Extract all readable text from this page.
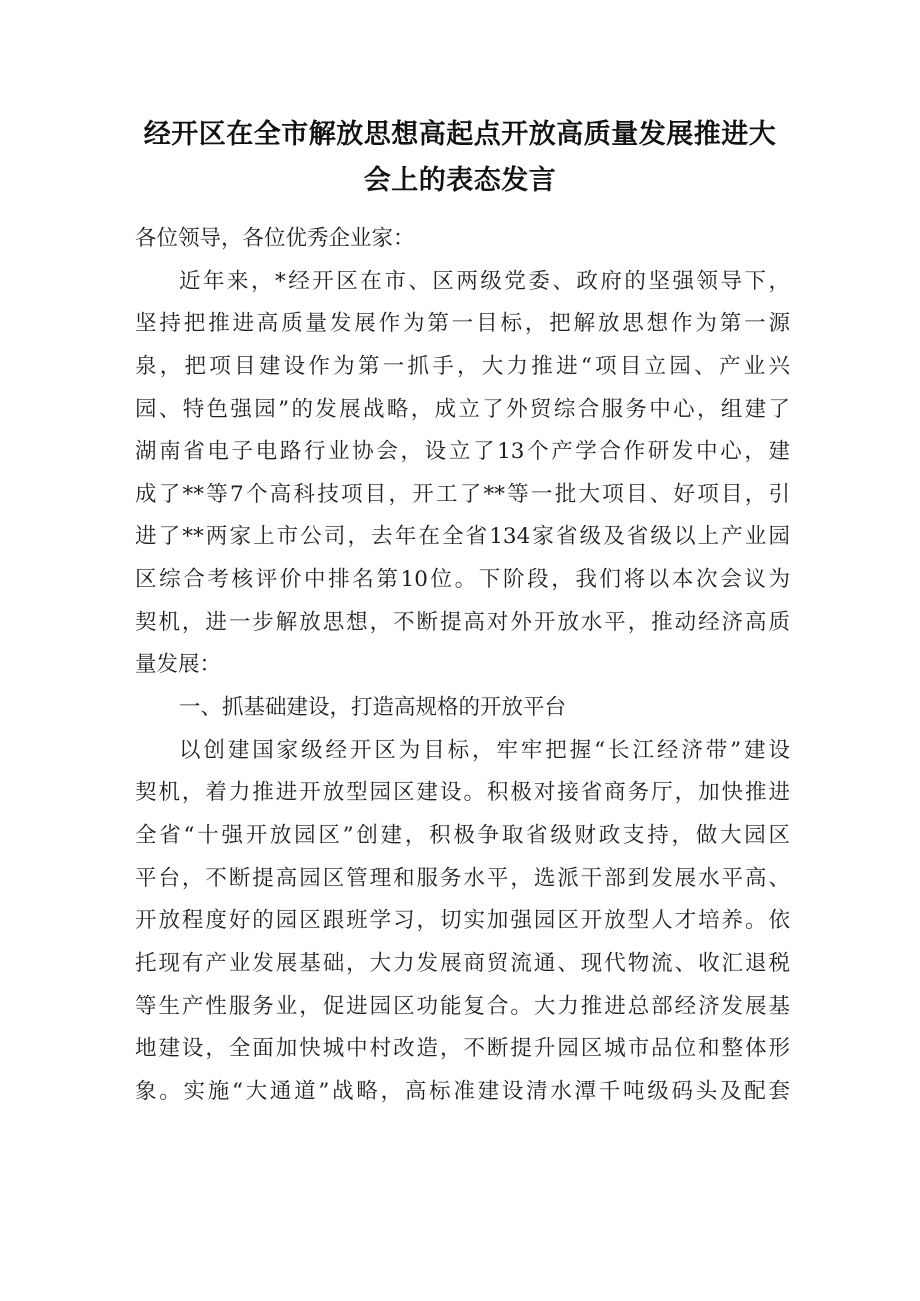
经开区在全市解放思想高起点开放高质量发展推进大
会上的表态发言
各位领导，各位优秀企业家：
近年来，*经开区在市、区两级党委、政府的坚强领导下，
坚持把推进高质量发展作为第一目标，把解放思想作为第一源
泉，把项目建设作为第一抓手，大力推进“项目立园、产业兴
园、特色强园”的发展战略，成立了外贸综合服务中心，组建了
湖南省电子电路行业协会，设立了13个产学合作研发中心，建
成了**等7个高科技项目，开工了**等一批大项目、好项目，引
进了**两家上市公司，去年在全省134家省级及省级以上产业园
区综合考核评价中排名第10位。下阶段，我们将以本次会议为
契机，进一步解放思想，不断提高对外开放水平，推动经济高质
量发展：
一、抓基础建设，打造高规格的开放平台
以创建国家级经开区为目标，牢牢把握“长江经济带”建设
契机，着力推进开放型园区建设。积极对接省商务厅，加快推进
全省“十强开放园区”创建，积极争取省级财政支持，做大园区
平台，不断提高园区管理和服务水平，选派干部到发展水平高、
开放程度好的园区跟班学习，切实加强园区开放型人才培养。依
托现有产业发展基础，大力发展商贸流通、现代物流、收汇退税
等生产性服务业，促进园区功能复合。大力推进总部经济发展基
地建设，全面加快城中村改造，不断提升园区城市品位和整体形
象。实施“大通道”战略，高标准建设清水潭千吨级码头及配套
